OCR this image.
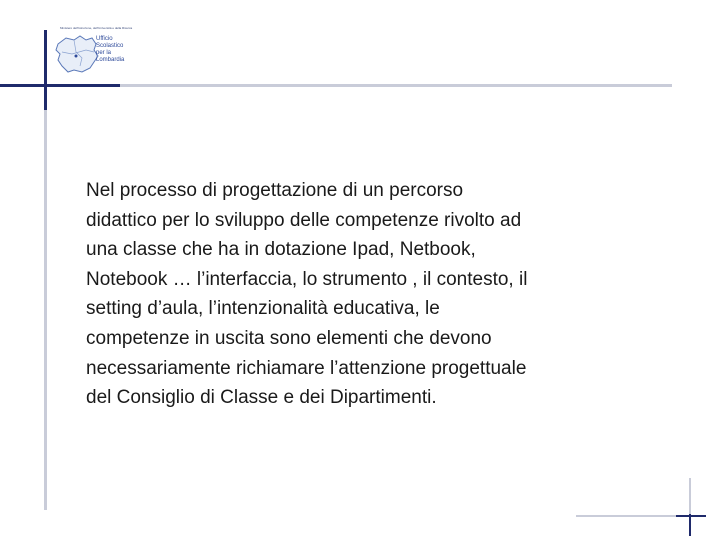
Ministero dell'Istruzione, dell'Università e della Ricerca
Ufficio
Scolastico
per la
Lombardia
Nel processo di progettazione di un percorso
didattico per lo sviluppo delle competenze rivolto ad
una classe che ha in dotazione Ipad, Netbook,
Notebook … l’interfaccia, lo strumento , il contesto, il
setting d’aula, l’intenzionalità educativa, le
competenze in uscita sono elementi che devono
necessariamente richiamare l’attenzione progettuale
del Consiglio di Classe e dei Dipartimenti.
